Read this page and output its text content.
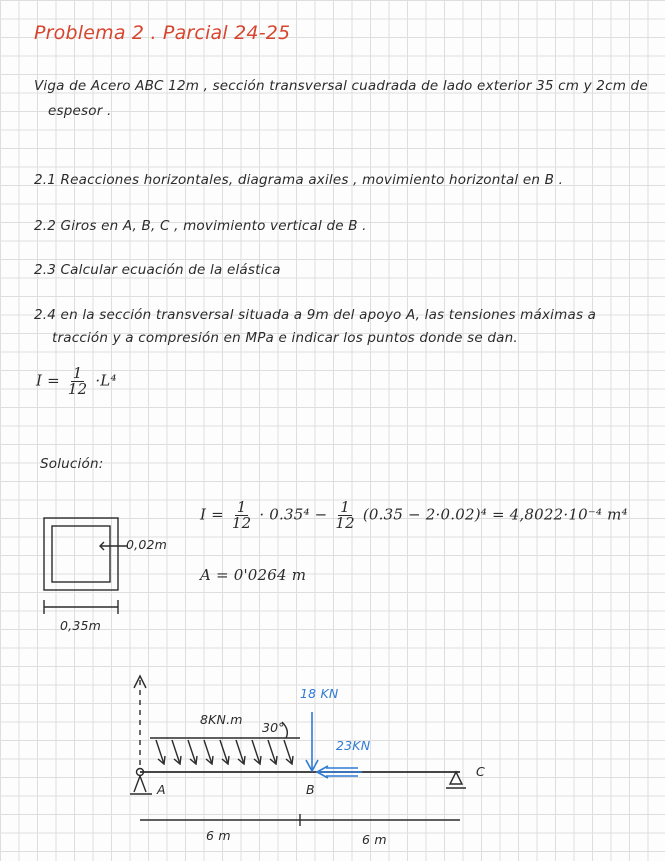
Problema 2 . Parcial 24-25
Viga de Acero ABC 12m , sección transversal cuadrada de lado exterior 35 cm y 2cm de
espesor .
2.1 Reacciones horizontales, diagrama axiles , movimiento horizontal en B .
2.2 Giros en A, B, C , movimiento vertical de B .
2.3 Calcular ecuación de la elástica
2.4 en la sección transversal situada a 9m del apoyo A, las tensiones máximas a
tracción y a compresión en MPa e indicar los puntos donde se dan.
$I = \frac{1}{12} \cdot L^4$
Solución:
$I = \frac{1}{12} \cdot 0.35^4 - \frac{1}{12} (0.35 - 2\cdot 0.02)^4 = 4,8022\cdot 10^{-4}$ m⁴
A = 0'0264 m
0,02m
0,35m
8KN.m
30°
18 KN
23KN
A	B
C
6 m	6 m
